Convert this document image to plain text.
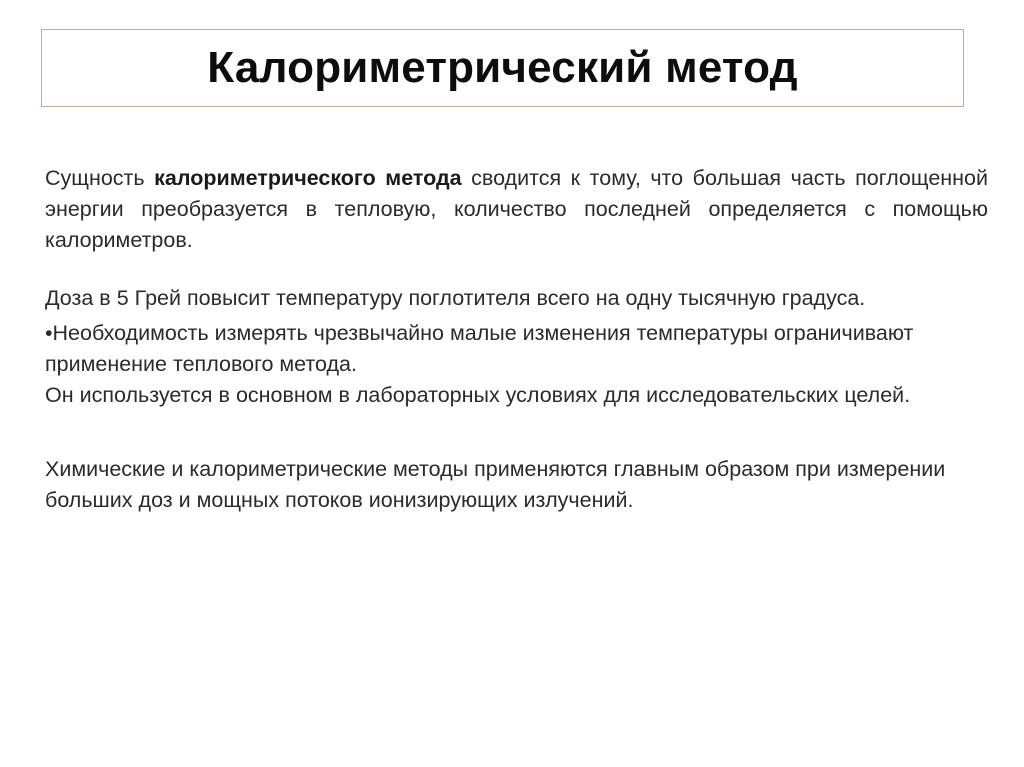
Калориметрический метод

Сущность калориметрического метода сводится к тому, что большая часть поглощенной энергии преобразуется в тепловую, количество последней определяется с помощью калориметров.

Доза в 5 Грей повысит температуру поглотителя всего на одну тысячную градуса.

•Необходимость измерять чрезвычайно малые изменения температуры ограничивают применение теплового метода.

Он используется в основном в лабораторных условиях для исследовательских целей.

Химические и калориметрические методы применяются главным образом при измерении больших доз и мощных потоков ионизирующих излучений.
